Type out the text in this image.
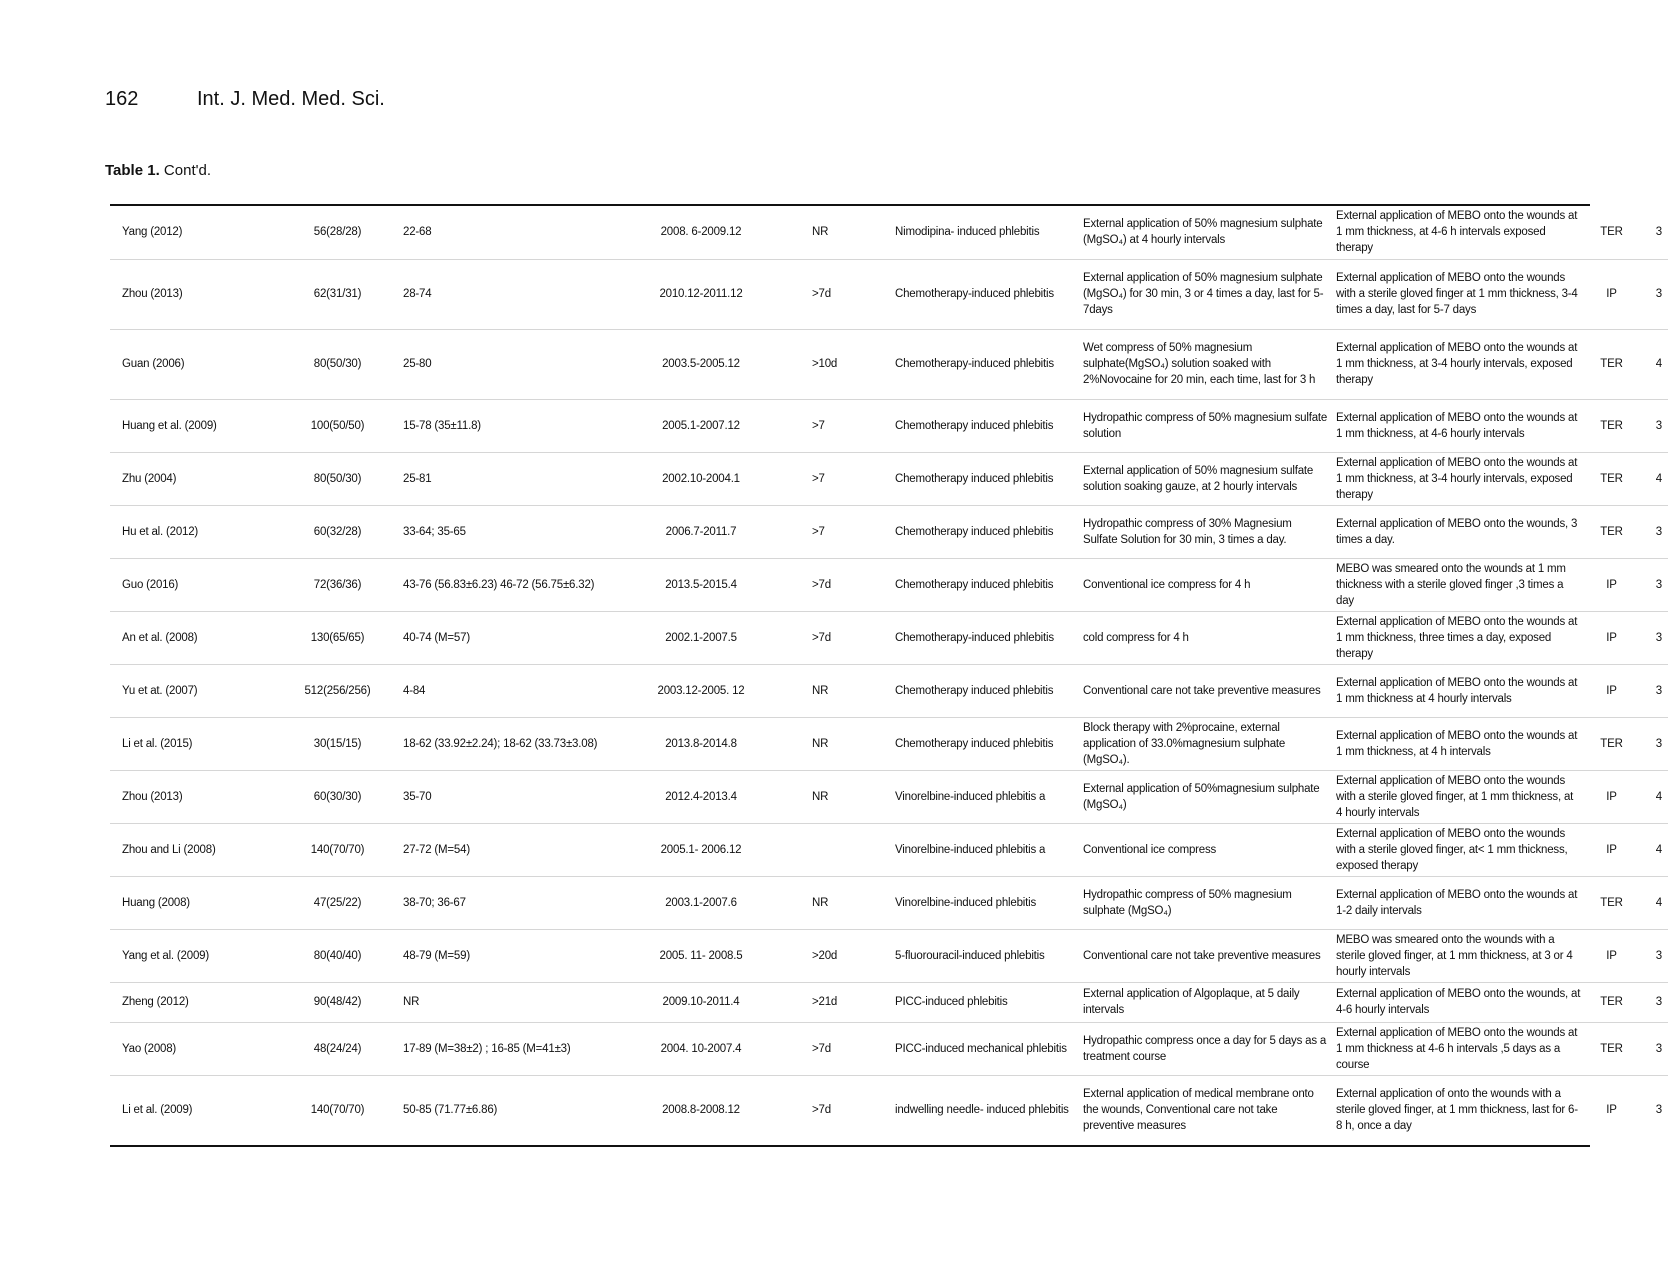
162	Int. J. Med. Med. Sci.
Table 1. Cont'd.
Yang (2012)	56(28/28)	22-68	2008. 6-2009.12	NR	Nimodipina- induced phlebitis	External application of 50% magnesium sulphate (MgSO₄) at 4 hourly intervals	External application of MEBO onto the wounds at 1 mm thickness, at 4-6 h intervals exposed therapy	TER	3
Zhou (2013)	62(31/31)	28-74	2010.12-2011.12	>7d	Chemotherapy-induced phlebitis	External application of 50% magnesium sulphate (MgSO₄) for 30 min, 3 or 4 times a day, last for 5-7days	External application of MEBO onto the wounds with a sterile gloved finger at 1 mm thickness, 3-4 times a day, last for 5-7 days	IP	3
Guan (2006)	80(50/30)	25-80	2003.5-2005.12	>10d	Chemotherapy-induced phlebitis	Wet compress of 50% magnesium sulphate(MgSO₄) solution soaked with 2%Novocaine for 20 min, each time, last for 3 h	External application of MEBO onto the wounds at 1 mm thickness, at 3-4 hourly intervals, exposed therapy	TER	4
Huang et al. (2009)	100(50/50)	15-78 (35±11.8)	2005.1-2007.12	>7	Chemotherapy induced phlebitis	Hydropathic compress of 50% magnesium sulfate solution	External application of MEBO onto the wounds at 1 mm thickness, at 4-6 hourly intervals	TER	3
Zhu (2004)	80(50/30)	25-81	2002.10-2004.1	>7	Chemotherapy induced phlebitis	External application of 50% magnesium sulfate solution soaking gauze, at 2 hourly intervals	External application of MEBO onto the wounds at 1 mm thickness, at 3-4 hourly intervals, exposed therapy	TER	4
Hu et al. (2012)	60(32/28)	33-64; 35-65	2006.7-2011.7	>7	Chemotherapy induced phlebitis	Hydropathic compress of 30% Magnesium Sulfate Solution for 30 min, 3 times a day.	External application of MEBO onto the wounds, 3 times a day.	TER	3
Guo (2016)	72(36/36)	43-76 (56.83±6.23) 46-72 (56.75±6.32)	2013.5-2015.4	>7d	Chemotherapy induced phlebitis	Conventional ice compress for 4 h	MEBO was smeared onto the wounds at 1 mm thickness with a sterile gloved finger ,3 times a day	IP	3
An et al. (2008)	130(65/65)	40-74 (M=57)	2002.1-2007.5	>7d	Chemotherapy-induced phlebitis	cold compress for 4 h	External application of MEBO onto the wounds at 1 mm thickness, three times a day, exposed therapy	IP	3
Yu et at. (2007)	512(256/256)	4-84	2003.12-2005. 12	NR	Chemotherapy induced phlebitis	Conventional care not take preventive measures	External application of MEBO onto the wounds at 1 mm thickness at 4 hourly intervals	IP	3
Li et al. (2015)	30(15/15)	18-62 (33.92±2.24); 18-62 (33.73±3.08)	2013.8-2014.8	NR	Chemotherapy induced phlebitis	Block therapy with 2%procaine, external application of 33.0%magnesium sulphate (MgSO₄).	External application of MEBO onto the wounds at 1 mm thickness, at 4 h intervals	TER	3
Zhou (2013)	60(30/30)	35-70	2012.4-2013.4	NR	Vinorelbine-induced phlebitis a	External application of 50%magnesium sulphate (MgSO₄)	External application of MEBO onto the wounds with a sterile gloved finger, at 1 mm thickness, at 4 hourly intervals	IP	4
Zhou and Li (2008)	140(70/70)	27-72 (M=54)	2005.1- 2006.12		Vinorelbine-induced phlebitis a	Conventional ice compress	External application of MEBO onto the wounds with a sterile gloved finger, at< 1 mm thickness, exposed therapy	IP	4
Huang (2008)	47(25/22)	38-70; 36-67	2003.1-2007.6	NR	Vinorelbine-induced phlebitis	Hydropathic compress of 50% magnesium sulphate (MgSO₄)	External application of MEBO onto the wounds at 1-2 daily intervals	TER	4
Yang et al. (2009)	80(40/40)	48-79 (M=59)	2005. 11- 2008.5	>20d	5-fluorouracil-induced phlebitis	Conventional care not take preventive measures	MEBO was smeared onto the wounds with a sterile gloved finger, at 1 mm thickness, at 3 or 4 hourly intervals	IP	3
Zheng (2012)	90(48/42)	NR	2009.10-2011.4	>21d	PICC-induced phlebitis	External application of Algoplaque, at 5 daily intervals	External application of MEBO onto the wounds, at 4-6 hourly intervals	TER	3
Yao (2008)	48(24/24)	17-89 (M=38±2) ; 16-85 (M=41±3)	2004. 10-2007.4	>7d	PICC-induced mechanical phlebitis	Hydropathic compress once a day for 5 days as a treatment course	External application of MEBO onto the wounds at 1 mm thickness at 4-6 h intervals ,5 days as a course	TER	3
Li et al. (2009)	140(70/70)	50-85 (71.77±6.86)	2008.8-2008.12	>7d	indwelling needle- induced phlebitis	External application of medical membrane onto the wounds, Conventional care not take preventive measures	External application of onto the wounds with a sterile gloved finger, at 1 mm thickness, last for 6-8 h, once a day	IP	3
